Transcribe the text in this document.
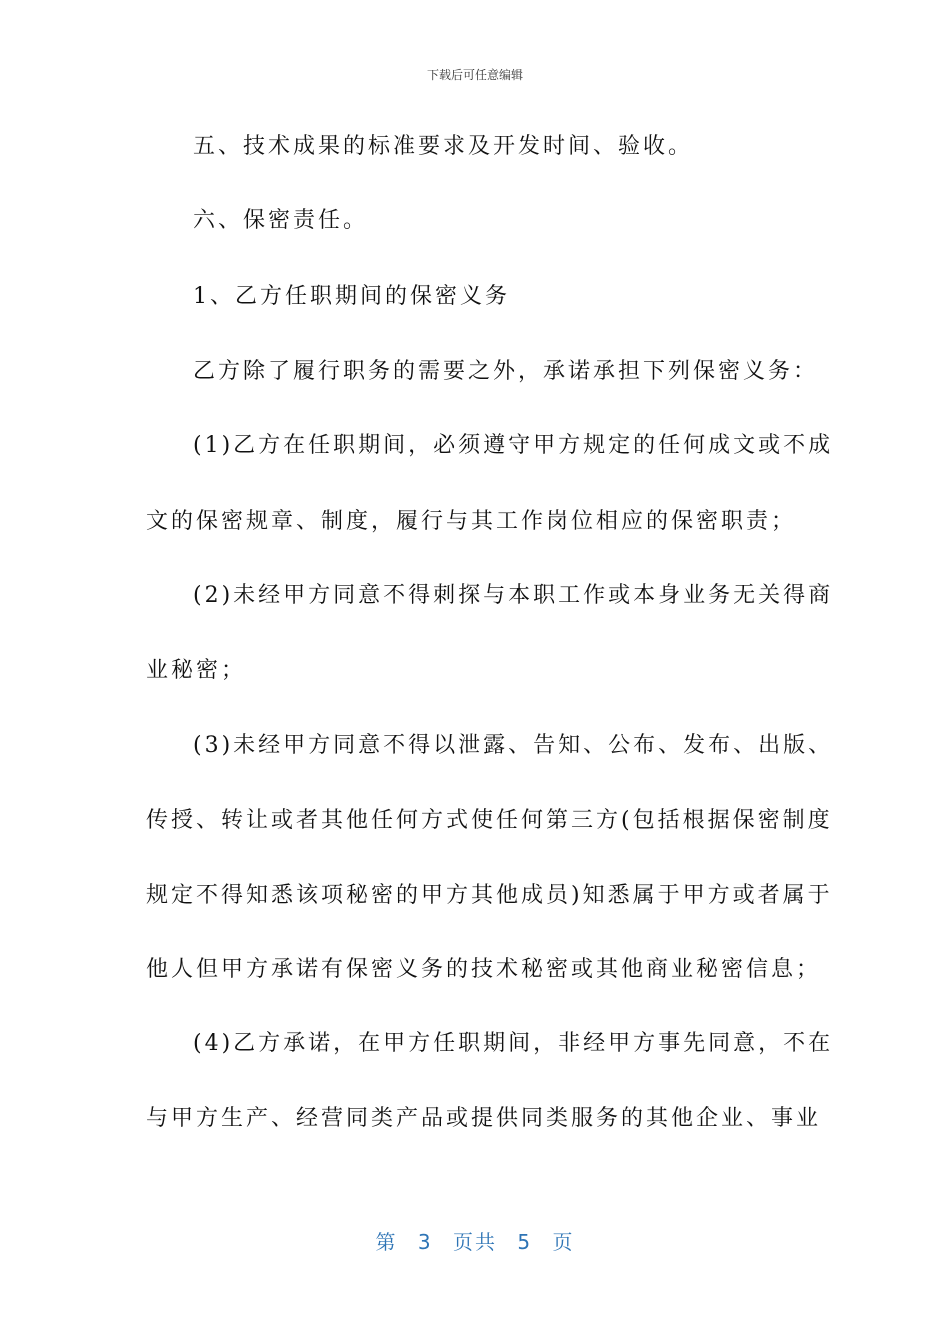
下载后可任意编辑
五、技术成果的标准要求及开发时间、验收。
六、保密责任。
1、乙方任职期间的保密义务
乙方除了履行职务的需要之外，承诺承担下列保密义务：
(1)乙方在任职期间，必须遵守甲方规定的任何成文或不成
文的保密规章、制度，履行与其工作岗位相应的保密职责；
(2)未经甲方同意不得刺探与本职工作或本身业务无关得商
业秘密；
(3)未经甲方同意不得以泄露、告知、公布、发布、出版、
传授、转让或者其他任何方式使任何第三方(包括根据保密制度
规定不得知悉该项秘密的甲方其他成员)知悉属于甲方或者属于
他人但甲方承诺有保密义务的技术秘密或其他商业秘密信息；
(4)乙方承诺，在甲方任职期间，非经甲方事先同意，不在
与甲方生产、经营同类产品或提供同类服务的其他企业、事业
第 3 页共 5 页
